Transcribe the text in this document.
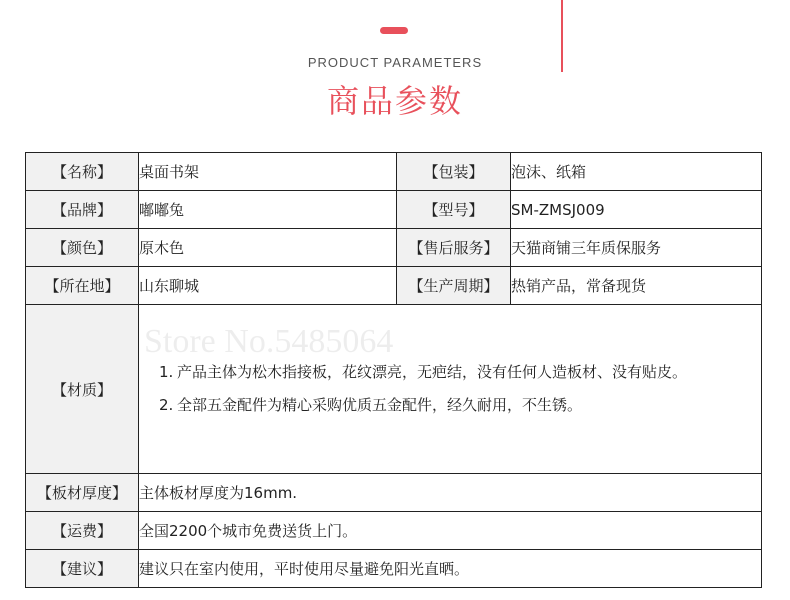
PRODUCT PARAMETERS
商品参数
【名称】	桌面书架	【包装】	泡沫、纸箱
【品牌】	嘟嘟兔	【型号】	SM-ZMSJ009
【颜色】	原木色	【售后服务】	天猫商铺三年质保服务
【所在地】	山东聊城	【生产周期】	热销产品，常备现货
【材质】	Store No.5485064
1. 产品主体为松木指接板，花纹漂亮，无疤结，没有任何人造板材、没有贴皮。
2. 全部五金配件为精心采购优质五金配件，经久耐用，不生锈。		

【板材厚度】	主体板材厚度为16mm.		
【运费】	全国2200个城市免费送货上门。		
【建议】	建议只在室内使用，平时使用尽量避免阳光直晒。		
